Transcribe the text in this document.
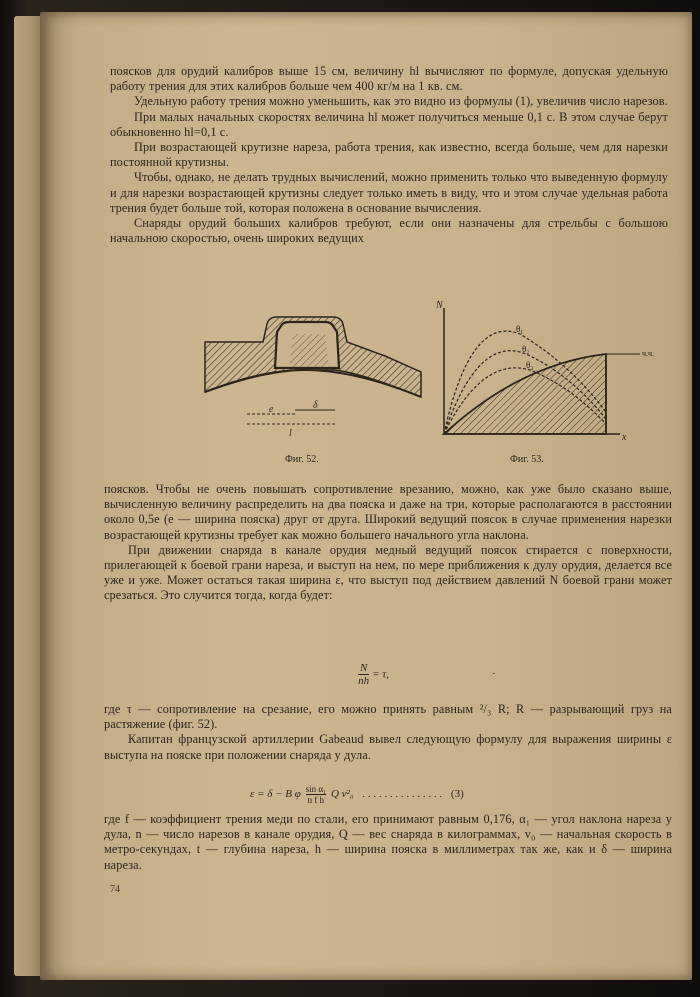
поясков для орудий калибров выше 15 см, величину hl вычисляют по формуле, допуская удельную работу трения для этих калибров больше чем 400 кг/м на 1 кв. см.

Удельную работу трения можно уменьшить, как это видно из формулы (1), увеличив число нарезов.

При малых начальных скоростях величина hl может получиться меньше 0,1 с. В этом случае берут обыкновенно hl=0,1 с.

При возрастающей крутизне нареза, работа трения, как известно, всегда больше, чем для нарезки постоянной крутизны.

Чтобы, однако, не делать трудных вычислений, можно применить только что выведенную формулу и для нарезки возрастающей крутизны следует только иметь в виду, что и этом случае удельная работа трения будет больше той, которая положена в основание вычисления.

Снаряды орудий больших калибров требуют, если они назначены для стрельбы с большою начальною скоростью, очень широких ведущих

e
l
δ
Фиг. 52.
N
x
θ₁
θ₂
θ₃
ч.ч.
Фиг. 53.

поясков. Чтобы не очень повышать сопротивление врезанию, можно, как уже было сказано выше, вычисленную величину распределить на два пояска и даже на три, которые располагаются в расстоянии около 0,5e (e — ширина пояска) друг от друга. Широкий ведущий поясок в случае применения нарезки возрастающей крутизны требует как можно большего начального угла наклона.

При движении снаряда в канале орудия медный ведущий поясок стирается с поверхности, прилегающей к боевой грани нареза, и выступ на нем, по мере приближения к дулу орудия, делается все уже и уже. Может остаться такая ширина ε, что выступ под действием давлений N боевой грани может срезаться. Это случится тогда, когда будет:

$\frac{N}{nh} = \tau$,	·

где τ — сопротивление на срезание, его можно принять равным ²/₃ R; R — разрывающий груз на растяжение (фиг. 52).

Капитан французской артиллерии Gabeaud вывел следующую формулу для выражения ширины ε выступа на пояске при положении снаряда у дула.

ε = δ − B φ $\frac{\text{sin α₁}}{\text{n f h}}$ Q v²₀ . . . . . . . . . . . . . . . (3)

где f — коэффициент трения меди по стали, его принимают равным 0,176, α₁ — угол наклона нареза у дула, n — число нарезов в канале орудия, Q — вес снаряда в килограммах, v₀ — начальная скорость в метро-секундах, t — глубина нареза, h — ширина пояска в миллиметрах так же, как и δ — ширина нареза.

74
